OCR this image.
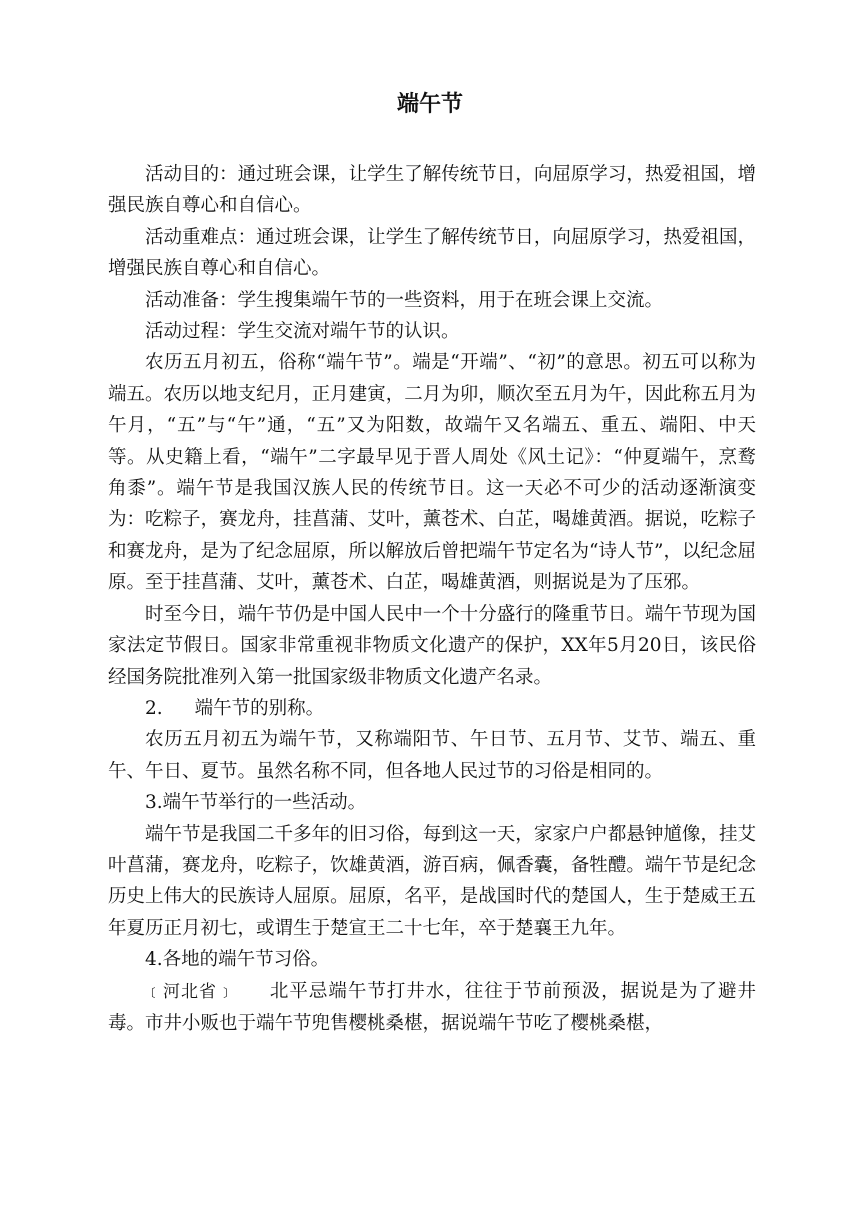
端午节

活动目的：通过班会课，让学生了解传统节日，向屈原学习，热爱祖国，增强民族自尊心和自信心。

活动重难点：通过班会课，让学生了解传统节日，向屈原学习，热爱祖国，增强民族自尊心和自信心。

活动准备：学生搜集端午节的一些资料，用于在班会课上交流。

活动过程：学生交流对端午节的认识。

农历五月初五，俗称“端午节”。端是“开端”、“初”的意思。初五可以称为端五。农历以地支纪月，正月建寅，二月为卯，顺次至五月为午，因此称五月为午月，“五”与“午”通，“五”又为阳数，故端午又名端五、重五、端阳、中天等。从史籍上看，“端午”二字最早见于晋人周处《风土记》：“仲夏端午，烹鹜角黍”。端午节是我国汉族人民的传统节日。这一天必不可少的活动逐渐演变为：吃粽子，赛龙舟，挂菖蒲、艾叶，薰苍术、白芷，喝雄黄酒。据说，吃粽子和赛龙舟，是为了纪念屈原，所以解放后曾把端午节定名为“诗人节”，以纪念屈原。至于挂菖蒲、艾叶，薰苍术、白芷，喝雄黄酒，则据说是为了压邪。

时至今日，端午节仍是中国人民中一个十分盛行的隆重节日。端午节现为国家法定节假日。国家非常重视非物质文化遗产的保护，XX年5月20日，该民俗经国务院批准列入第一批国家级非物质文化遗产名录。

2. 端午节的别称。

农历五月初五为端午节，又称端阳节、午日节、五月节、艾节、端五、重午、午日、夏节。虽然名称不同，但各地人民过节的习俗是相同的。

3.端午节举行的一些活动。

端午节是我国二千多年的旧习俗，每到这一天，家家户户都悬钟馗像，挂艾叶菖蒲，赛龙舟，吃粽子，饮雄黄酒，游百病，佩香囊，备牲醴。端午节是纪念历史上伟大的民族诗人屈原。屈原，名平，是战国时代的楚国人，生于楚威王五年夏历正月初七，或谓生于楚宣王二十七年，卒于楚襄王九年。

4.各地的端午节习俗。

﹝河北省﹞ 北平忌端午节打井水，往往于节前预汲，据说是为了避井毒。市井小贩也于端午节兜售樱桃桑椹，据说端午节吃了樱桃桑椹，
